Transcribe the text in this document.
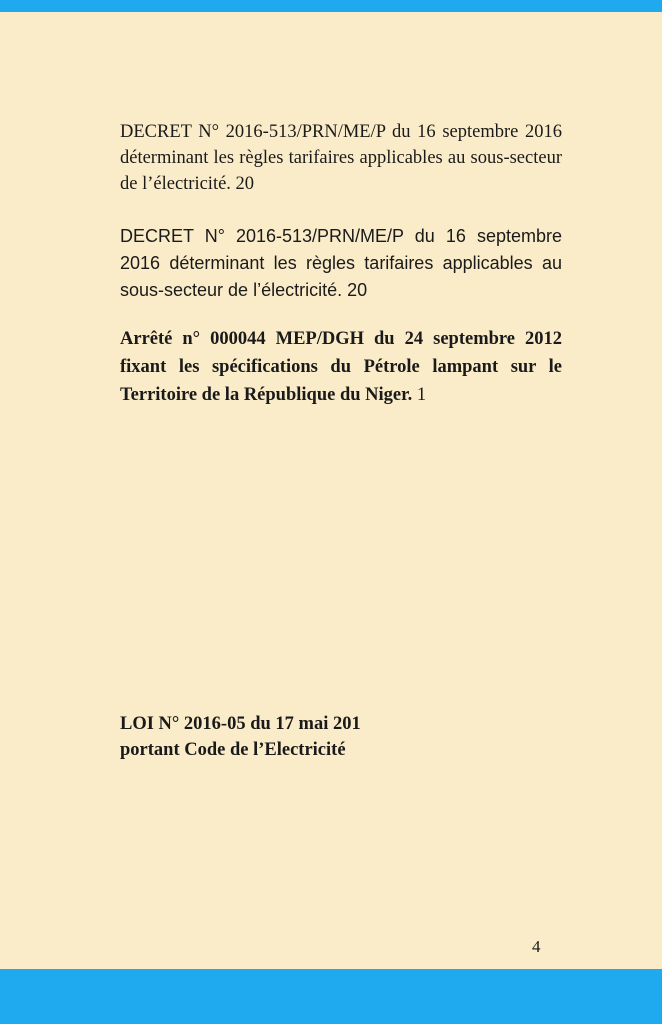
DECRET N° 2016-513/PRN/ME/P du 16 septembre 2016 déterminant les règles tarifaires applicables au sous-secteur de l’électricité. 20

DECRET N° 2016-513/PRN/ME/P du 16 septembre 2016 déterminant les règles tarifaires applicables au sous-secteur de l’électricité. 20

Arrêté n° 000044 MEP/DGH du 24 septembre 2012 fixant les spécifications du Pétrole lampant sur le Territoire de la République du Niger. 1

LOI N° 2016-05 du 17 mai 201

portant Code de l’Electricité

4
